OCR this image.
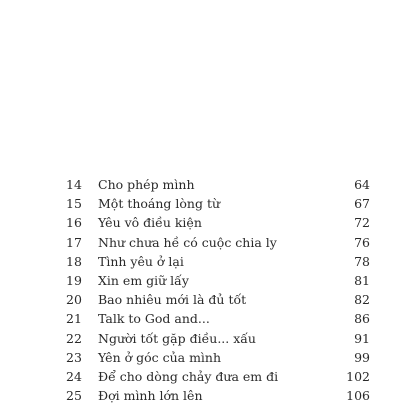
14 Cho phép mình	64
15 Một thoáng lòng từ	67
16 Yêu vô điều kiện	72
17 Như chưa hề có cuộc chia ly	76
18 Tình yêu ở lại	78
19 Xin em giữ lấy	81
20 Bao nhiêu mới là đủ tốt	82
21 Talk to God and...	86
22 Người tốt gặp điều... xấu	91
23 Yên ở góc của mình	99
24 Để cho dòng chảy đưa em đi	102
25 Đợi mình lớn lên	106
